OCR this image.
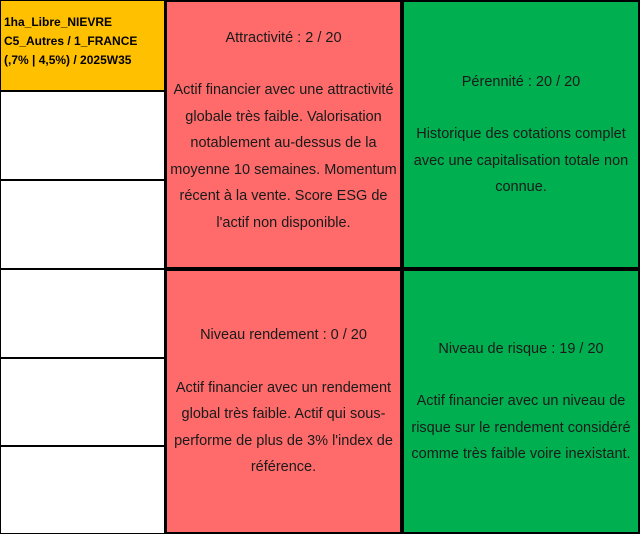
1ha_Libre_NIEVRE
C5_Autres / 1_FRANCE
(,7% | 4,5%) / 2025W35
Attractivité : 2 / 20
Actif financier avec une attractivité globale très faible. Valorisation notablement au-dessus de la moyenne 10 semaines. Momentum récent à la vente. Score ESG de l'actif non disponible.
Pérennité : 20 / 20
Historique des cotations complet avec une capitalisation totale non connue.
Niveau rendement : 0 / 20
Actif financier avec un rendement global très faible. Actif qui sous-performe de plus de 3% l'index de référence.
Niveau de risque : 19 / 20
Actif financier avec un niveau de risque sur le rendement considéré comme très faible voire inexistant.
